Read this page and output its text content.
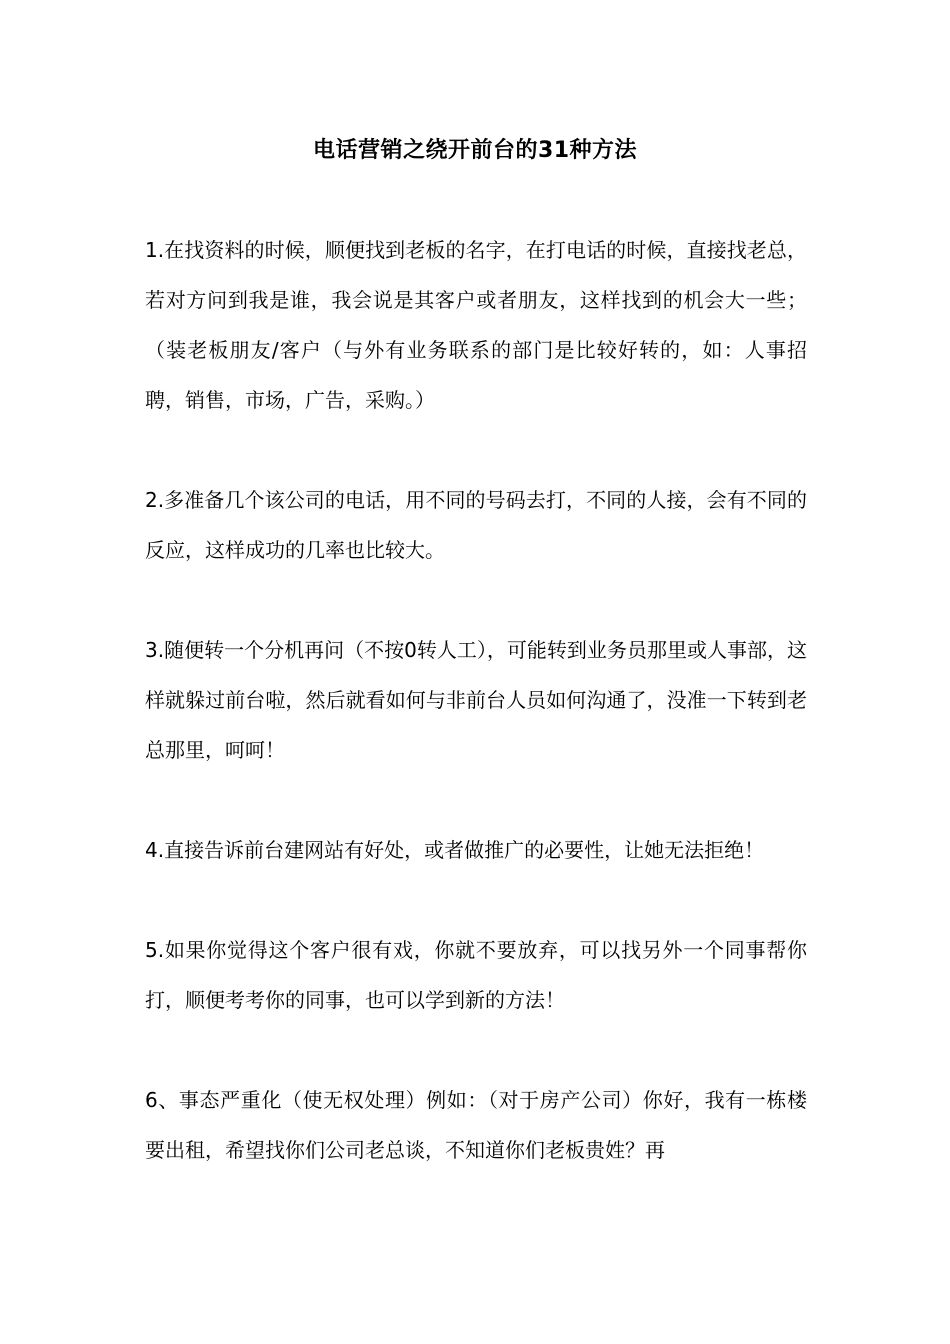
电话营销之绕开前台的31种方法

1.在找资料的时候，顺便找到老板的名字，在打电话的时候，直接找老总，若对方问到我是谁，我会说是其客户或者朋友，这样找到的机会大一些；（装老板朋友/客户（与外有业务联系的部门是比较好转的，如：人事招聘，销售，市场，广告，采购。）

2.多准备几个该公司的电话，用不同的号码去打，不同的人接，会有不同的反应，这样成功的几率也比较大。

3.随便转一个分机再问（不按0转人工），可能转到业务员那里或人事部，这样就躲过前台啦，然后就看如何与非前台人员如何沟通了，没准一下转到老总那里，呵呵！

4.直接告诉前台建网站有好处，或者做推广的必要性，让她无法拒绝！

5.如果你觉得这个客户很有戏，你就不要放弃，可以找另外一个同事帮你打，顺便考考你的同事，也可以学到新的方法！

6、事态严重化（使无权处理）例如：（对于房产公司）你好，我有一栋楼要出租，希望找你们公司老总谈，不知道你们老板贵姓？再
